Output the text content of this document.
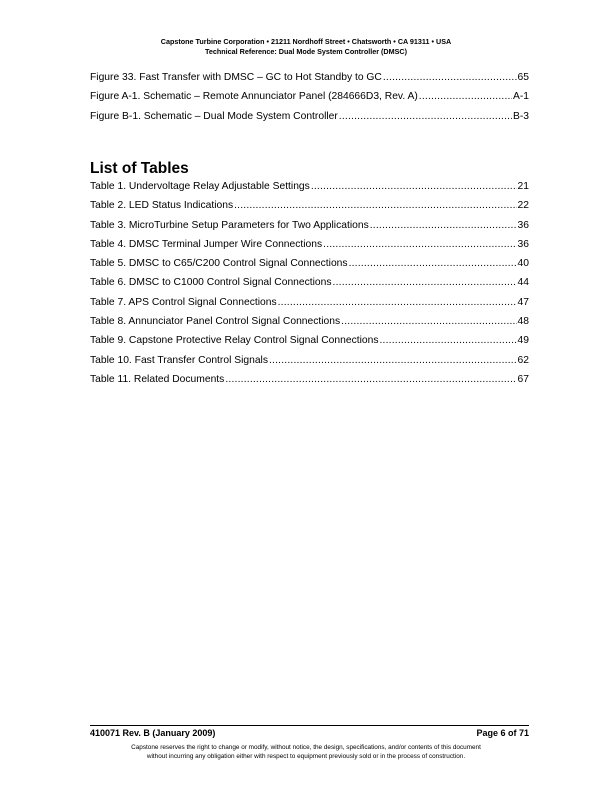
Capstone Turbine Corporation • 21211 Nordhoff Street • Chatsworth • CA 91311 • USA
Technical Reference: Dual Mode System Controller (DMSC)
Figure 33. Fast Transfer with DMSC – GC to Hot Standby to GC .....	65
Figure A-1. Schematic – Remote Annunciator Panel (284666D3, Rev. A) .....	A-1
Figure B-1. Schematic – Dual Mode System Controller .....	B-3
List of Tables
Table 1. Undervoltage Relay Adjustable Settings .....	21
Table 2. LED Status Indications .....	22
Table 3. MicroTurbine Setup Parameters for Two Applications .....	36
Table 4. DMSC Terminal Jumper Wire Connections .....	36
Table 5. DMSC to C65/C200 Control Signal Connections .....	40
Table 6. DMSC to C1000 Control Signal Connections .....	44
Table 7. APS Control Signal Connections .....	47
Table 8. Annunciator Panel Control Signal Connections .....	48
Table 9. Capstone Protective Relay Control Signal Connections .....	49
Table 10. Fast Transfer Control Signals .....	62
Table 11. Related Documents .....	67
410071 Rev. B (January 2009)	Page 6 of 71
Capstone reserves the right to change or modify, without notice, the design, specifications, and/or contents of this document
without incurring any obligation either with respect to equipment previously sold or in the process of construction.
